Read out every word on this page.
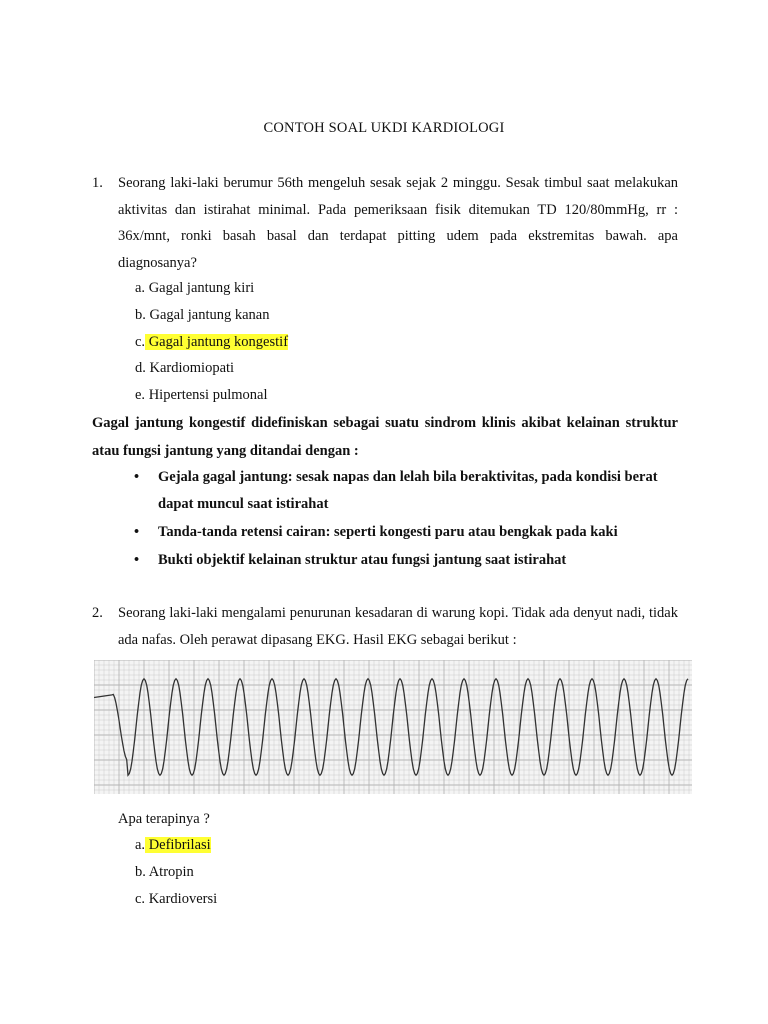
CONTOH SOAL UKDI KARDIOLOGI
1. Seorang laki-laki berumur 56th mengeluh sesak sejak 2 minggu. Sesak timbul saat melakukan aktivitas dan istirahat minimal. Pada pemeriksaan fisik ditemukan TD 120/80mmHg, rr : 36x/mnt, ronki basah basal dan terdapat pitting udem pada ekstremitas bawah. apa diagnosanya?
a. Gagal jantung kiri
b. Gagal jantung kanan
c. Gagal jantung kongestif
d. Kardiomiopati
e. Hipertensi pulmonal
Gagal jantung kongestif didefiniskan sebagai suatu sindrom klinis akibat kelainan struktur atau fungsi jantung yang ditandai dengan :
• Gejala gagal jantung: sesak napas dan lelah bila beraktivitas, pada kondisi berat dapat muncul saat istirahat
• Tanda-tanda retensi cairan: seperti kongesti paru atau bengkak pada kaki
• Bukti objektif kelainan struktur atau fungsi jantung saat istirahat
2. Seorang laki-laki mengalami penurunan kesadaran di warung kopi. Tidak ada denyut nadi, tidak ada nafas. Oleh perawat dipasang EKG. Hasil EKG sebagai berikut :
Apa terapinya ?
a. Defibrilasi
b. Atropin
c. Kardioversi
